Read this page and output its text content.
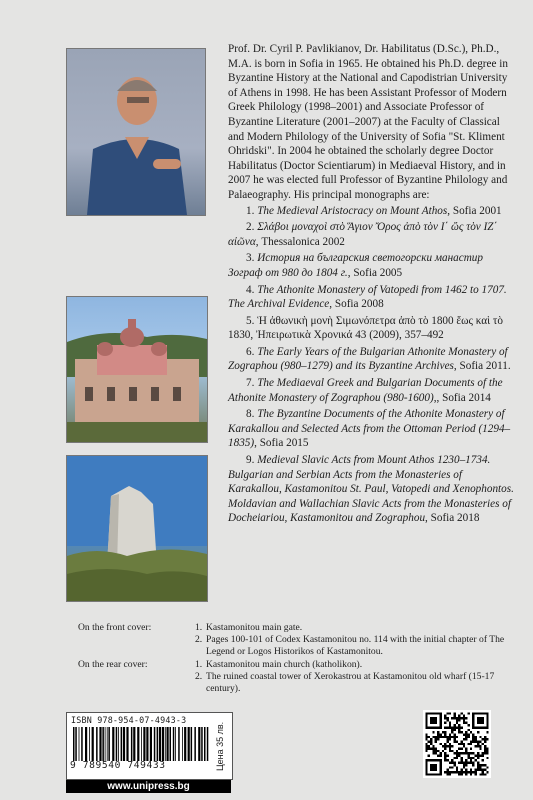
Prof. Dr. Cyril P. Pavlikianov, Dr. Habilitatus (D.Sc.), Ph.D., M.A. is born in Sofia in 1965. He obtained his Ph.D. degree in Byzantine History at the National and Capodistrian University of Athens in 1998. He has been Assistant Professor of Modern Greek Philology (1998–2001) and Associate Professor of Byzantine Literature (2001–2007) at the Faculty of Classical and Modern Philology of the University of Sofia "St. Kliment Ohridski". In 2004 he obtained the scholarly degree Doctor Habilitatus (Doctor Scientiarum) in Mediaeval History, and in 2007 he was elected full Professor of Byzantine Philology and Palaeography. His principal monographs are:

1. The Medieval Aristocracy on Mount Athos, Sofia 2001
2. Σλάβοι μοναχοὶ στὸ Ἅγιον Ὄρος ἀπὸ τὸν Ι΄ ὥς τὸν ΙΖ΄ αἰῶνα, Thessalonica 2002
3. История на българския светогорски манастир Зограф от 980 до 1804 г., Sofia 2005
4. The Athonite Monastery of Vatopedi from 1462 to 1707. The Archival Evidence, Sofia 2008
5. Ἡ ἀθωνικὴ μονὴ Σιμωνόπετρα ἀπὸ τὸ 1800 ἕως καὶ τὸ 1830, Ἠπειρωτικὰ Χρονικά 43 (2009), 357–492
6. The Early Years of the Bulgarian Athonite Monastery of Zographou (980–1279) and its Byzantine Archives, Sofia 2011.
7. The Mediaeval Greek and Bulgarian Documents of the Athonite Monastery of Zographou (980-1600),, Sofia 2014
8. The Byzantine Documents of the Athonite Monastery of Karakallou and Selected Acts from the Ottoman Period (1294–1835), Sofia 2015
9. Medieval Slavic Acts from Mount Athos 1230–1734. Bulgarian and Serbian Acts from the Monasteries of Karakallou, Kastamonitou St. Paul, Vatopedi and Xenophontos. Moldavian and Wallachian Slavic Acts from the Monasteries of Docheiariou, Kastamonitou and Zographou, Sofia 2018
On the front cover:	1. Kastamonitou main gate.
2. Pages 100-101 of Codex Kastamonitou no. 114 with the initial chapter of The Legend or Logos Historikos of Kastamonitou.
On the rear cover:	1. Kastamonitou main church (katholikon).
2. The ruined coastal tower of Xerokastrou at Kastamonitou old wharf (15-17 century).
ISBN 978-954-07-4943-3
9 789540 749433	Цена 35 лв.
www.unipress.bg
